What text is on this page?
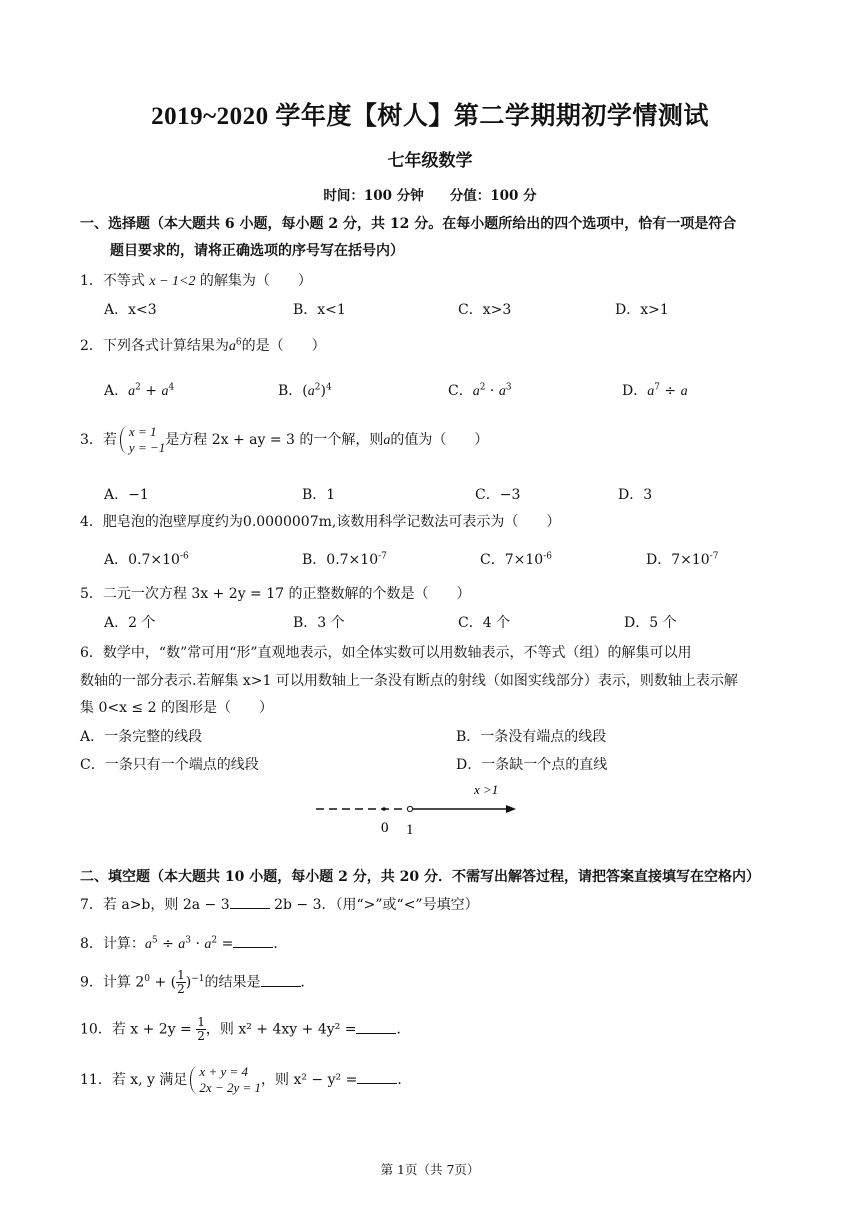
2019~2020 学年度【树人】第二学期期初学情测试
七年级数学
时间：100 分钟 分值：100 分
一、选择题（本大题共 6 小题，每小题 2 分，共 12 分。在每小题所给出的四个选项中，恰有一项是符合
题目要求的，请将正确选项的序号写在括号内）
1．不等式 x − 1<2 的解集为（　　）
A．x<3	B．x<1	C．x>3	D．x>1
2．下列各式计算结果为$a^6$的是（　　）
A．$a^2 + a^4$	B．$(a^2)^4$	C．$a^2 \cdot a^3$	D．$a^7 \div a$
3．若
x = 1
y = −1 是方程 2x + ay = 3 的一个解，则a的值为（　　）
A．−1	B．1	C．−3	D．3
4．肥皂泡的泡壁厚度约为0.0000007m,该数用科学记数法可表示为（　　）
A．$0.7\times 10^{-6}$	B．$0.7\times 10^{-7}$	C．$7\times 10^{-6}$	D．$7\times 10^{-7}$
5．二元一次方程 3x + 2y = 17 的正整数解的个数是（　　）
A．2 个	B．3 个	C．4 个	D．5 个
6．数学中，“数”常可用“形”直观地表示，如全体实数可以用数轴表示，不等式（组）的解集可以用
数轴的一部分表示.若解集 x>1 可以用数轴上一条没有断点的射线（如图实线部分）表示，则数轴上表示解
集 0<x ≤ 2 的图形是（　　）
A．一条完整的线段	B．一条没有端点的线段
C．一条只有一个端点的线段	D．一条缺一个点的直线
x >1
0 1
二、填空题（本大题共 10 小题，每小题 2 分，共 20 分．不需写出解答过程，请把答案直接填写在空格内）
7．若 a>b，则 2a − 3	2b − 3．（用“>”或“<”号填空）
8．计算：$a^5 \div a^3 \cdot a^2$ =	．
9．计算 $2^0$ + ( $\frac{1}{2} )^{-1}$的结果是	．
10．若 $x + 2y = \frac{1}{2}$ ，则 x² + 4xy + 4y² =	．
11．若 x, y 满足
x + y = 4
2x − 2y = 1 ，则 x² − y² =	．
第 1页（共 7页）
